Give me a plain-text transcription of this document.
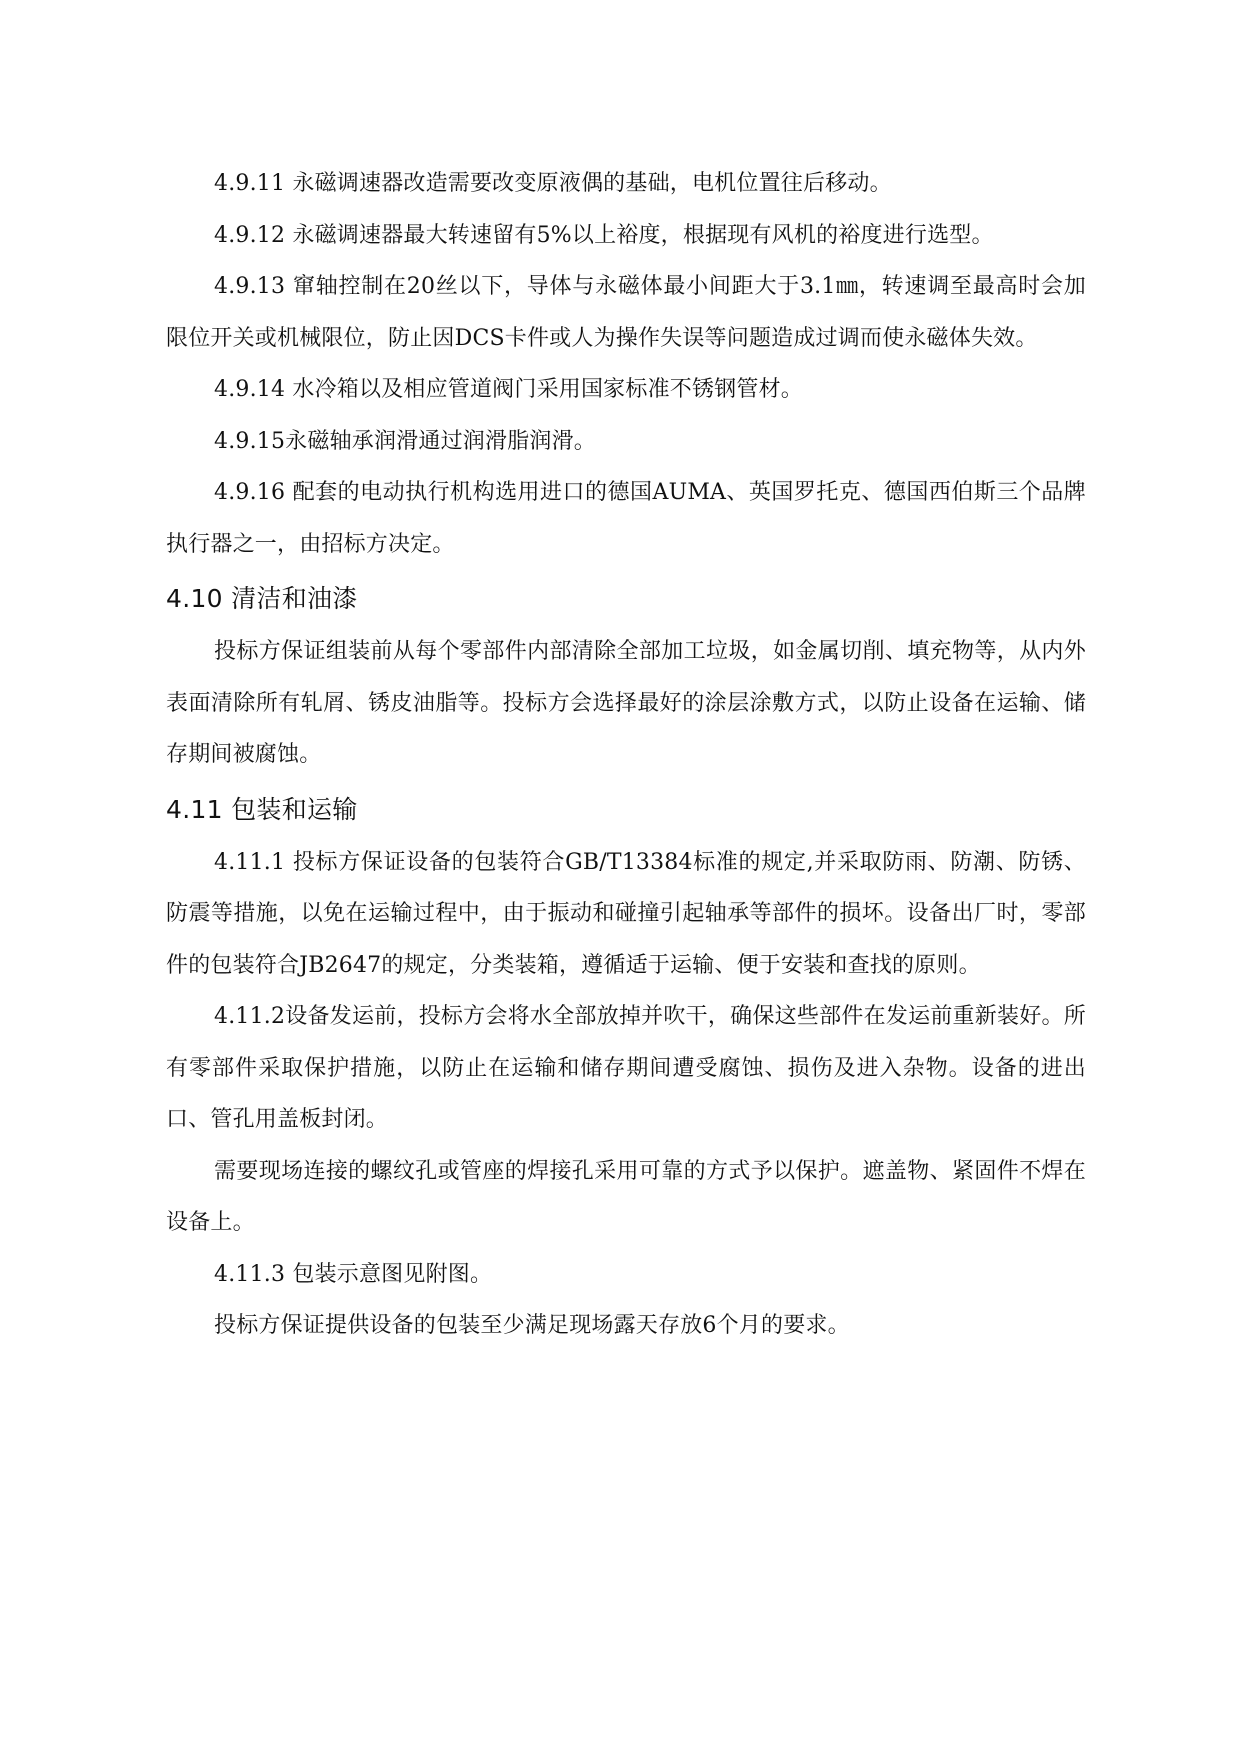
4.9.11 永磁调速器改造需要改变原液偶的基础，电机位置往后移动。

4.9.12 永磁调速器最大转速留有5%以上裕度，根据现有风机的裕度进行选型。

4.9.13 窜轴控制在20丝以下，导体与永磁体最小间距大于3.1㎜，转速调至最高时会加限位开关或机械限位，防止因DCS卡件或人为操作失误等问题造成过调而使永磁体失效。

4.9.14 水冷箱以及相应管道阀门采用国家标准不锈钢管材。

4.9.15永磁轴承润滑通过润滑脂润滑。

4.9.16 配套的电动执行机构选用进口的德国AUMA、英国罗托克、德国西伯斯三个品牌执行器之一，由招标方决定。

4.10 清洁和油漆

投标方保证组装前从每个零部件内部清除全部加工垃圾，如金属切削、填充物等，从内外表面清除所有轧屑、锈皮油脂等。投标方会选择最好的涂层涂敷方式，以防止设备在运输、储存期间被腐蚀。

4.11 包装和运输

4.11.1 投标方保证设备的包装符合GB/T13384标准的规定,并采取防雨、防潮、防锈、防震等措施，以免在运输过程中，由于振动和碰撞引起轴承等部件的损坏。设备出厂时，零部件的包装符合JB2647的规定，分类装箱，遵循适于运输、便于安装和查找的原则。

4.11.2设备发运前，投标方会将水全部放掉并吹干，确保这些部件在发运前重新装好。所有零部件采取保护措施，以防止在运输和储存期间遭受腐蚀、损伤及进入杂物。设备的进出口、管孔用盖板封闭。

需要现场连接的螺纹孔或管座的焊接孔采用可靠的方式予以保护。遮盖物、紧固件不焊在设备上。

4.11.3 包装示意图见附图。

投标方保证提供设备的包装至少满足现场露天存放6个月的要求。
